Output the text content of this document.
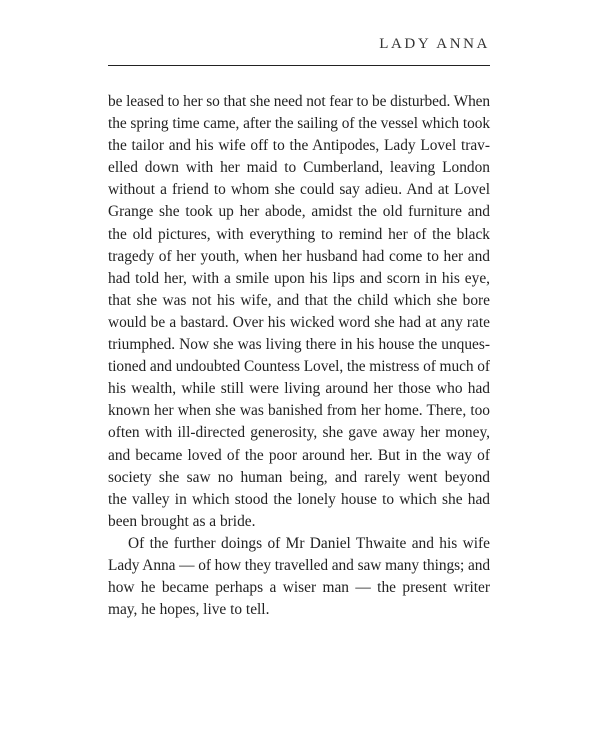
LADY ANNA
be leased to her so that she need not fear to be disturbed. When
the spring time came, after the sailing of the vessel which took
the tailor and his wife off to the Antipodes, Lady Lovel trav-
elled down with her maid to Cumberland, leaving London
without a friend to whom she could say adieu. And at Lovel
Grange she took up her abode, amidst the old furniture and
the old pictures, with everything to remind her of the black
tragedy of her youth, when her husband had come to her and
had told her, with a smile upon his lips and scorn in his eye,
that she was not his wife, and that the child which she bore
would be a bastard. Over his wicked word she had at any rate
triumphed. Now she was living there in his house the unques-
tioned and undoubted Countess Lovel, the mistress of much of
his wealth, while still were living around her those who had
known her when she was banished from her home. There, too
often with ill-directed generosity, she gave away her money,
and became loved of the poor around her. But in the way of
society she saw no human being, and rarely went beyond
the valley in which stood the lonely house to which she had
been brought as a bride.
Of the further doings of Mr Daniel Thwaite and his wife
Lady Anna — of how they travelled and saw many things; and
how he became perhaps a wiser man — the present writer
may, he hopes, live to tell.
